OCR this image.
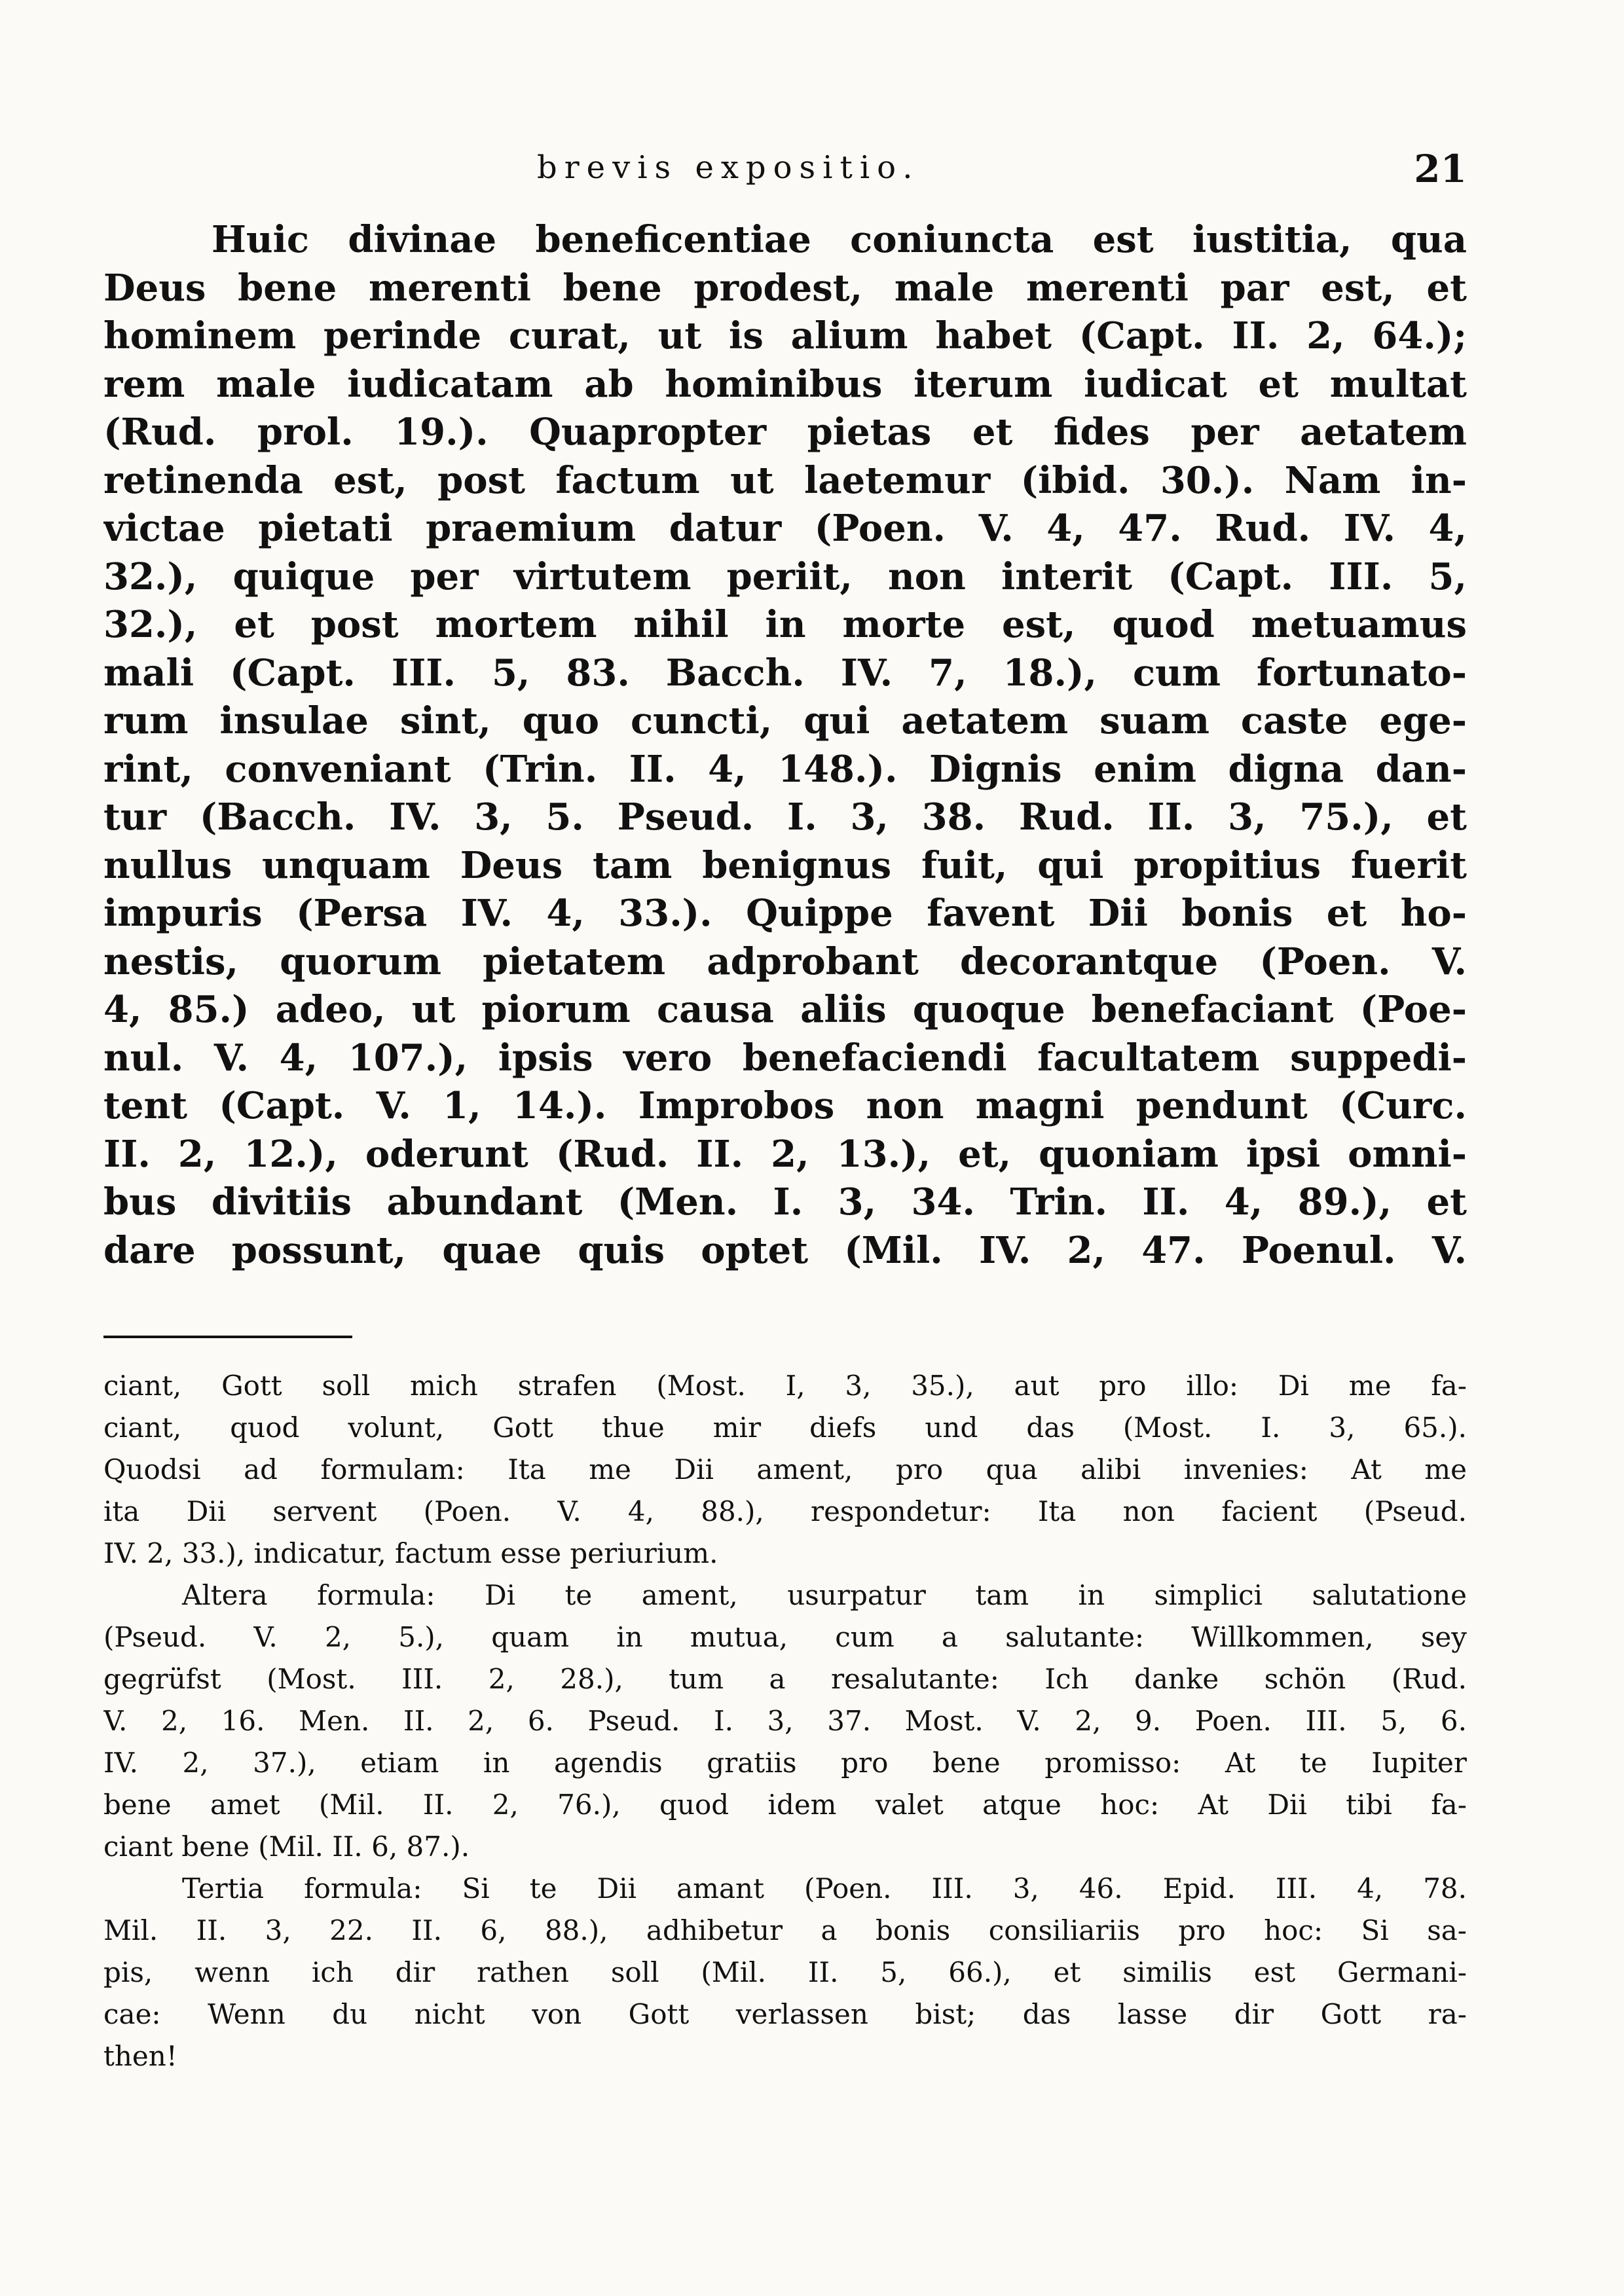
brevis expositio.	21
Huic divinae beneficentiae coniuncta est iustitia, qua
Deus bene merenti bene prodest, male merenti par est, et
hominem perinde curat, ut is alium habet (Capt. II. 2, 64.);
rem male iudicatam ab hominibus iterum iudicat et multat
(Rud. prol. 19.). Quapropter pietas et fides per aetatem
retinenda est, post factum ut laetemur (ibid. 30.). Nam in-
victae pietati praemium datur (Poen. V. 4, 47. Rud. IV. 4,
32.), quique per virtutem periit, non interit (Capt. III. 5,
32.), et post mortem nihil in morte est, quod metuamus
mali (Capt. III. 5, 83. Bacch. IV. 7, 18.), cum fortunato-
rum insulae sint, quo cuncti, qui aetatem suam caste ege-
rint, conveniant (Trin. II. 4, 148.). Dignis enim digna dan-
tur (Bacch. IV. 3, 5. Pseud. I. 3, 38. Rud. II. 3, 75.), et
nullus unquam Deus tam benignus fuit, qui propitius fuerit
impuris (Persa IV. 4, 33.). Quippe favent Dii bonis et ho-
nestis, quorum pietatem adprobant decorantque (Poen. V.
4, 85.) adeo, ut piorum causa aliis quoque benefaciant (Poe-
nul. V. 4, 107.), ipsis vero benefaciendi facultatem suppedi-
tent (Capt. V. 1, 14.). Improbos non magni pendunt (Curc.
II. 2, 12.), oderunt (Rud. II. 2, 13.), et, quoniam ipsi omni-
bus divitiis abundant (Men. I. 3, 34. Trin. II. 4, 89.), et
dare possunt, quae quis optet (Mil. IV. 2, 47. Poenul. V.
ciant, Gott soll mich strafen (Most. I, 3, 35.), aut pro illo: Di me fa-
ciant, quod volunt, Gott thue mir diefs und das (Most. I. 3, 65.).
Quodsi ad formulam: Ita me Dii ament, pro qua alibi invenies: At me
ita Dii servent (Poen. V. 4, 88.), respondetur: Ita non facient (Pseud.
IV. 2, 33.), indicatur, factum esse periurium.
Altera formula: Di te ament, usurpatur tam in simplici salutatione
(Pseud. V. 2, 5.), quam in mutua, cum a salutante: Willkommen, sey
gegrüfst (Most. III. 2, 28.), tum a resalutante: Ich danke schön (Rud.
V. 2, 16. Men. II. 2, 6. Pseud. I. 3, 37. Most. V. 2, 9. Poen. III. 5, 6.
IV. 2, 37.), etiam in agendis gratiis pro bene promisso: At te Iupiter
bene amet (Mil. II. 2, 76.), quod idem valet atque hoc: At Dii tibi fa-
ciant bene (Mil. II. 6, 87.).
Tertia formula: Si te Dii amant (Poen. III. 3, 46. Epid. III. 4, 78.
Mil. II. 3, 22. II. 6, 88.), adhibetur a bonis consiliariis pro hoc: Si sa-
pis, wenn ich dir rathen soll (Mil. II. 5, 66.), et similis est Germani-
cae: Wenn du nicht von Gott verlassen bist; das lasse dir Gott ra-
then!
